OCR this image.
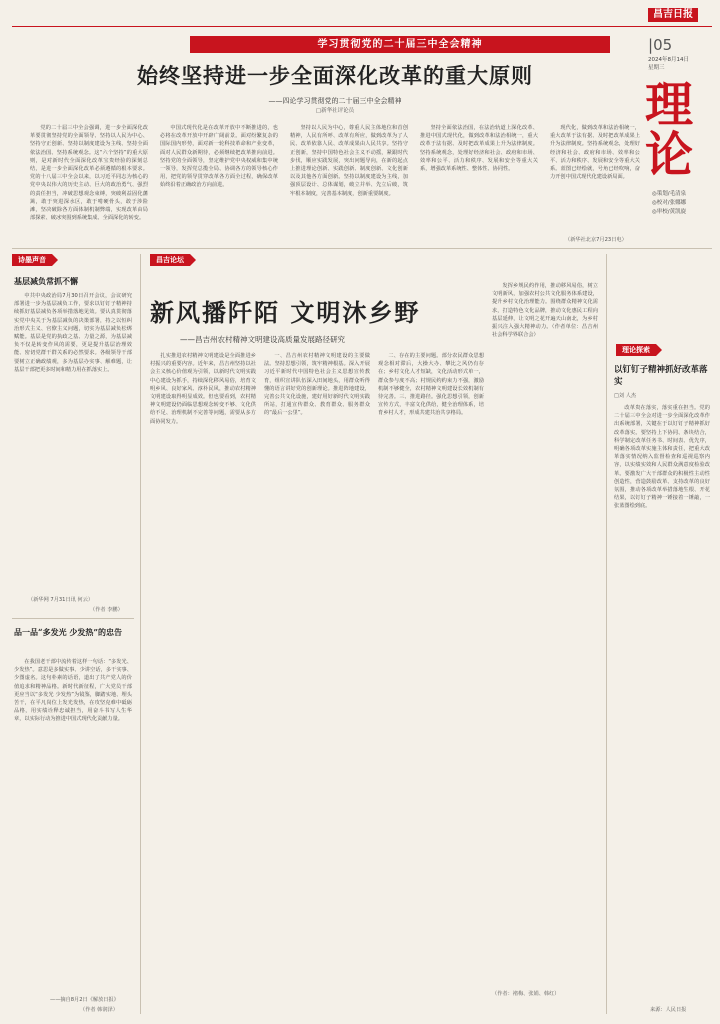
昌吉日报
学习贯彻党的二十届三中全会精神	|05
2024年8月14日
星期三
理论
◎策划/毛清泉
◎校对/张娜娜
◎审校/黄凯旋
始终坚持进一步全面深化改革的重大原则
——四论学习贯彻党的二十届三中全会精神
□新华社评论员

党的二十届三中全会强调，进一步全面深化改革要贯彻坚持党的全面领导、坚持以人民为中心、坚持守正创新、坚持以制度建设为主线、坚持全面依法治国、坚持系统观念。这“六个坚持”的重大原则，是对新时代全面深化改革宝贵经验的深刻总结，是进一步全面深化改革必须遵循的根本要求。党的十八届三中全会以来，以习近平同志为核心的党中央以伟大的历史主动、巨大的政治勇气、强烈的责任担当，冲破思想观念束缚，突破利益固化藩篱，敢于突进深水区，敢于啃硬骨头，敢于涉险滩，坚决破除各方面体制机制弊端，实现改革由局部探索、破冰突围到系统集成、全面深化的转变。

中国式现代化是在改革开放中不断推进的，也必将在改革开放中开辟广阔前景。面对纷繁复杂的国际国内形势，面对新一轮科技革命和产业变革，面对人民群众新期待，必须继续把改革推向前进。坚持党的全面领导，坚定维护党中央权威和集中统一领导，发挥党总揽全局、协调各方的领导核心作用，把党的领导贯穿改革各方面全过程，确保改革始终沿着正确政治方向前进。

坚持以人民为中心，尊重人民主体地位和首创精神，人民有所呼、改革有所应，做到改革为了人民、改革依靠人民、改革成果由人民共享。坚持守正创新，坚持中国特色社会主义不动摇，紧跟时代步伐，顺应实践发展，突出问题导向，在新的起点上推进理论创新、实践创新、制度创新、文化创新以及其他各方面创新。坚持以制度建设为主线，加强顶层设计、总体谋划，破立并举、先立后破，筑牢根本制度，完善基本制度，创新重要制度。

坚持全面依法治国，在法治轨道上深化改革、推进中国式现代化，做到改革和法治相统一，重大改革于法有据、及时把改革成果上升为法律制度。坚持系统观念，处理好经济和社会、政府和市场、效率和公平、活力和秩序、发展和安全等重大关系，增强改革系统性、整体性、协同性。

现代化，做到改革和法治相统一，重大改革于法有据、及时把改革成果上升为法律制度。坚持系统观念，处理好经济和社会、政府和市场、效率和公平、活力和秩序、发展和安全等重大关系。蓝图已经绘就，号角已经吹响，奋力开创中国式现代化建设新局面。

（新华社北京7月23日电）
诗墨声音
基层减负常抓不懈

中共中央政治局7月30日召开会议，会议研究部署进一步为基层减负工作，要求以钉钉子精神持续抓好基层减负各项举措落地见效。要认真贯彻落实党中央关于为基层减负的决策部署，持之以恒纠治形式主义、官僚主义问题，切实为基层减负松绑赋能。基层是党的执政之基、力量之源，为基层减负不仅是转变作风的需要，更是提升基层治理效能、密切党群干群关系的必然要求。各级领导干部要树立正确政绩观，多为基层办实事、解难题，让基层干部把更多时间和精力用在抓落实上。

（新华网 7月31日讯 何云）
（作者 李鹏）
品一品“多发光 少发热”的忠告

在我国老干部中流传着这样一句话：“多发光、少发热”。意思是多做实事、少讲空话，多干实事、少图虚名。这句朴素的话语，道出了共产党人的价值追求和精神品格。新时代新征程，广大党员干部更应当以“多发光 少发热”为镜鉴，脚踏实地、埋头苦干，在平凡岗位上发光发热，在攻坚克难中砥砺品格，用实绩诠释忠诚担当，用奋斗书写人生华章，以实际行动为推进中国式现代化贡献力量。

——摘自8月2日《解放日报》
（作者 韩润泽）
昌吉论坛
新风播阡陌 文明沐乡野
——昌吉州农村精神文明建设高质量发展路径研究

扎实推进农村精神文明建设是全面推进乡村振兴的重要内容。近年来，昌吉州坚持以社会主义核心价值观为引领，以新时代文明实践中心建设为抓手，持续深化移风易俗，培育文明乡风、良好家风、淳朴民风，推动农村精神文明建设取得明显成效。但也要看到，农村精神文明建设仍面临思想观念转变不够、文化供给不足、治理机制不完善等问题，需要从多方面协同发力。

一、昌吉州农村精神文明建设的主要做法。坚持思想引领，筑牢精神根基。深入开展习近平新时代中国特色社会主义思想宣传教育，组织宣讲队伍深入田间地头，用群众听得懂的语言讲好党的创新理论。推进阵地建设，完善公共文化设施，建好用好新时代文明实践所站，打通宣传群众、教育群众、服务群众的“最后一公里”。

二、存在的主要问题。部分农民群众思想观念相对滞后，大操大办、攀比之风仍有存在；乡村文化人才短缺，文化活动形式单一，群众参与度不高；村规民约约束力不强，激励机制不够健全，农村精神文明建设长效机制有待完善。三、推进路径。强化思想引领，创新宣传方式，丰富文化供给，健全治理体系，培育乡村人才，形成共建共治共享格局。

发挥乡规民约作用，推动移风易俗，树立文明新风，加强农村公共文化服务体系建设，提升乡村文化治理能力。围绕群众精神文化需求，打造特色文化品牌，推动文化惠民工程向基层延伸，让文明之花开遍天山南北，为乡村振兴注入强大精神动力。（作者单位：昌吉州社会科学界联合会）

（作者：褚梅、张娟、韩红）
理论探索
以钉钉子精神抓好改革落实
□刘 人杰

改革贵在落实，落实重在担当。党的二十届三中全会对进一步全面深化改革作出系统部署，关键在于以钉钉子精神抓好改革落实。要坚持上下协同、条块结合，科学制定改革任务书、时间表、优先序，明确各项改革实施主体和责任，把重大改革落实情况纳入监督检查和巡视巡察内容，以实绩实效和人民群众满意度检验改革。要激发广大干部群众的积极性主动性创造性，营造鼓励改革、支持改革的良好氛围，推动各项改革举措落地生根、开花结果，以钉钉子精神一锤接着一锤敲，一张蓝图绘到底。

来源：人民日报
